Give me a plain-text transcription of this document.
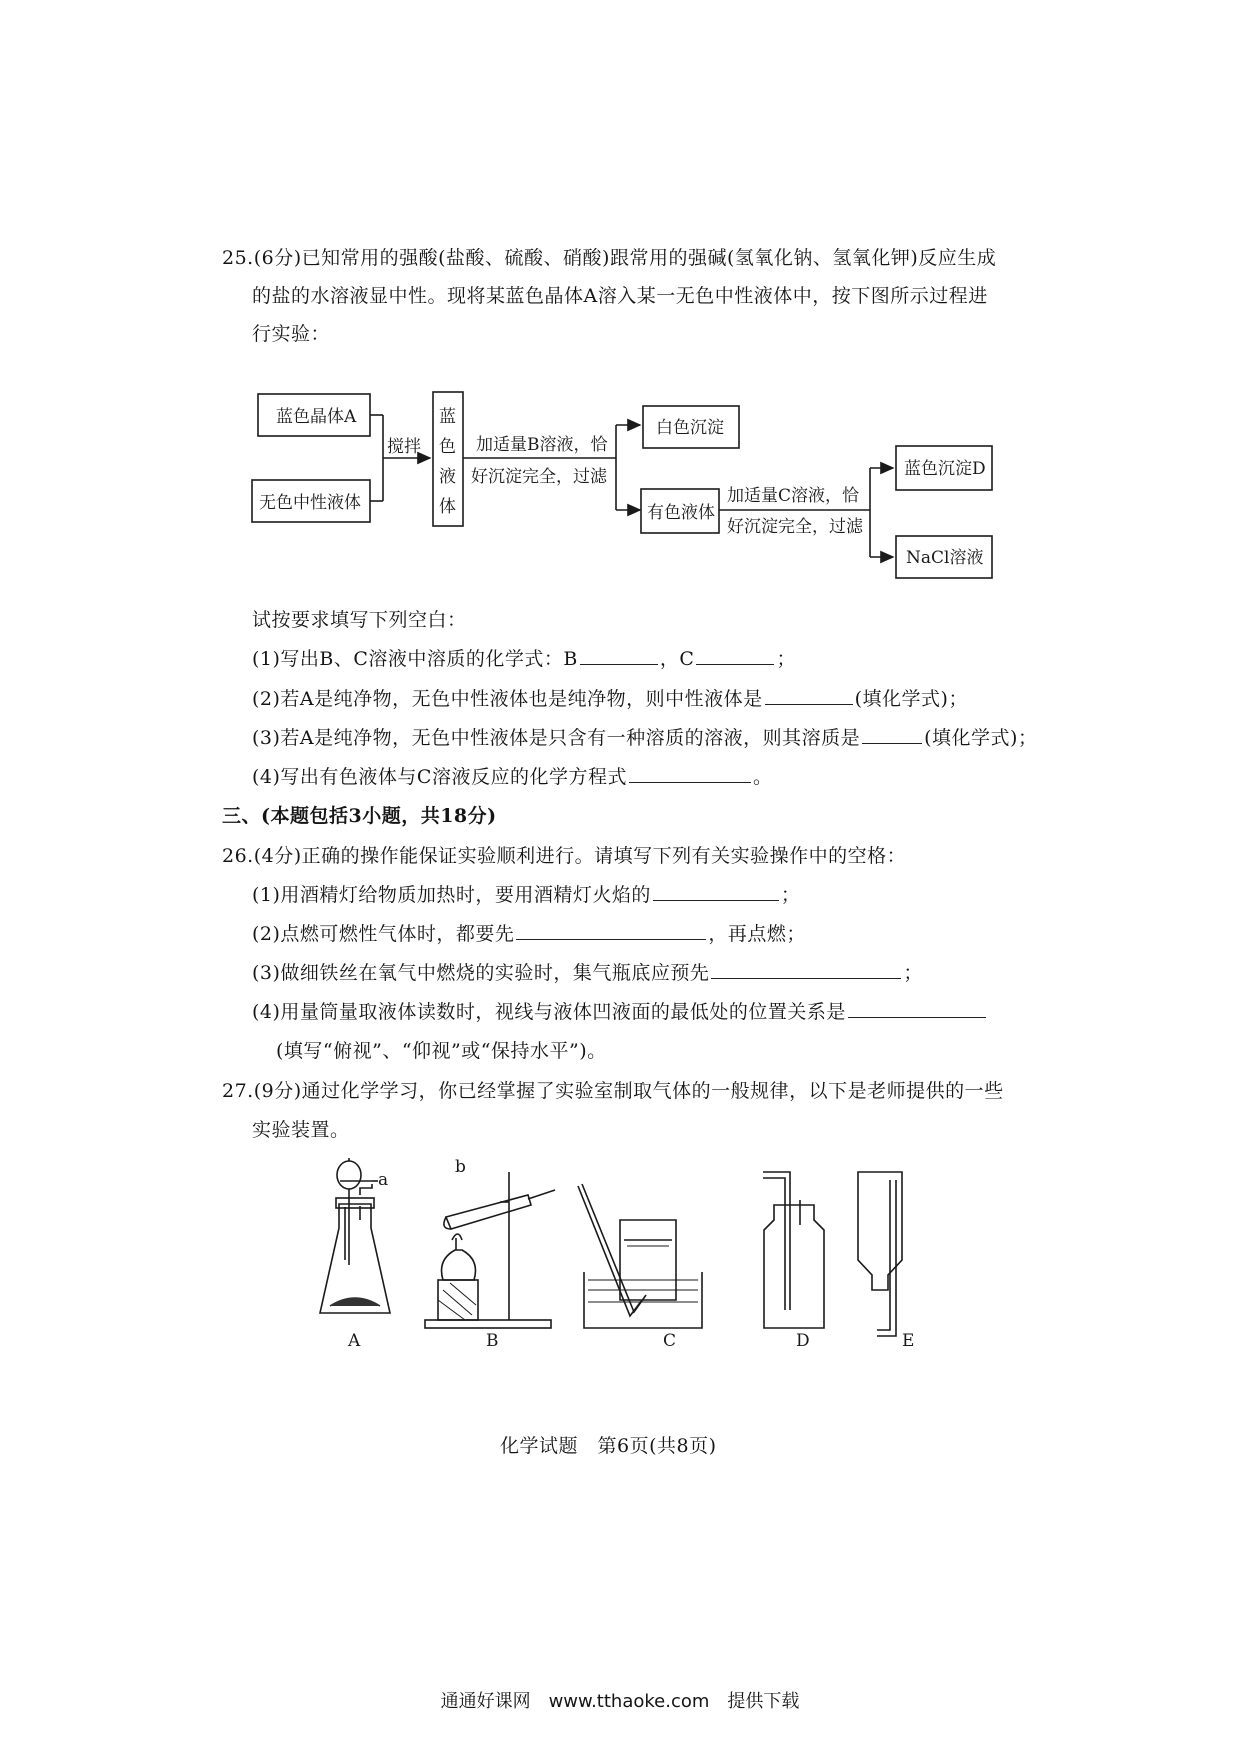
25.(6分)已知常用的强酸(盐酸、硫酸、硝酸)跟常用的强碱(氢氧化钠、氢氧化钾)反应生成
的盐的水溶液显中性。现将某蓝色晶体A溶入某一无色中性液体中，按下图所示过程进
行实验：
蓝色晶体A
无色中性液体
搅拌
蓝
色
液
体
加适量B溶液，恰
好沉淀完全，过滤
白色沉淀
有色液体
加适量C溶液，恰
好沉淀完全，过滤
蓝色沉淀D
NaCl溶液
试按要求填写下列空白：
(1)写出B、C溶液中溶质的化学式：B	，C	；
(2)若A是纯净物，无色中性液体也是纯净物，则中性液体是	(填化学式)；
(3)若A是纯净物，无色中性液体是只含有一种溶质的溶液，则其溶质是	(填化学式)；
(4)写出有色液体与C溶液反应的化学方程式	。
三、(本题包括3小题，共18分)
26.(4分)正确的操作能保证实验顺利进行。请填写下列有关实验操作中的空格：
(1)用酒精灯给物质加热时，要用酒精灯火焰的	；
(2)点燃可燃性气体时，都要先	，再点燃；
(3)做细铁丝在氧气中燃烧的实验时，集气瓶底应预先	；
(4)用量筒量取液体读数时，视线与液体凹液面的最低处的位置关系是
(填写“俯视”、“仰视”或“保持水平”)。
27.(9分)通过化学学习，你已经掌握了实验室制取气体的一般规律，以下是老师提供的一些
实验装置。
a
b
A	B	C	D	E
化学试题　第6页(共8页)
通通好课网　www.tthaoke.com　提供下载
